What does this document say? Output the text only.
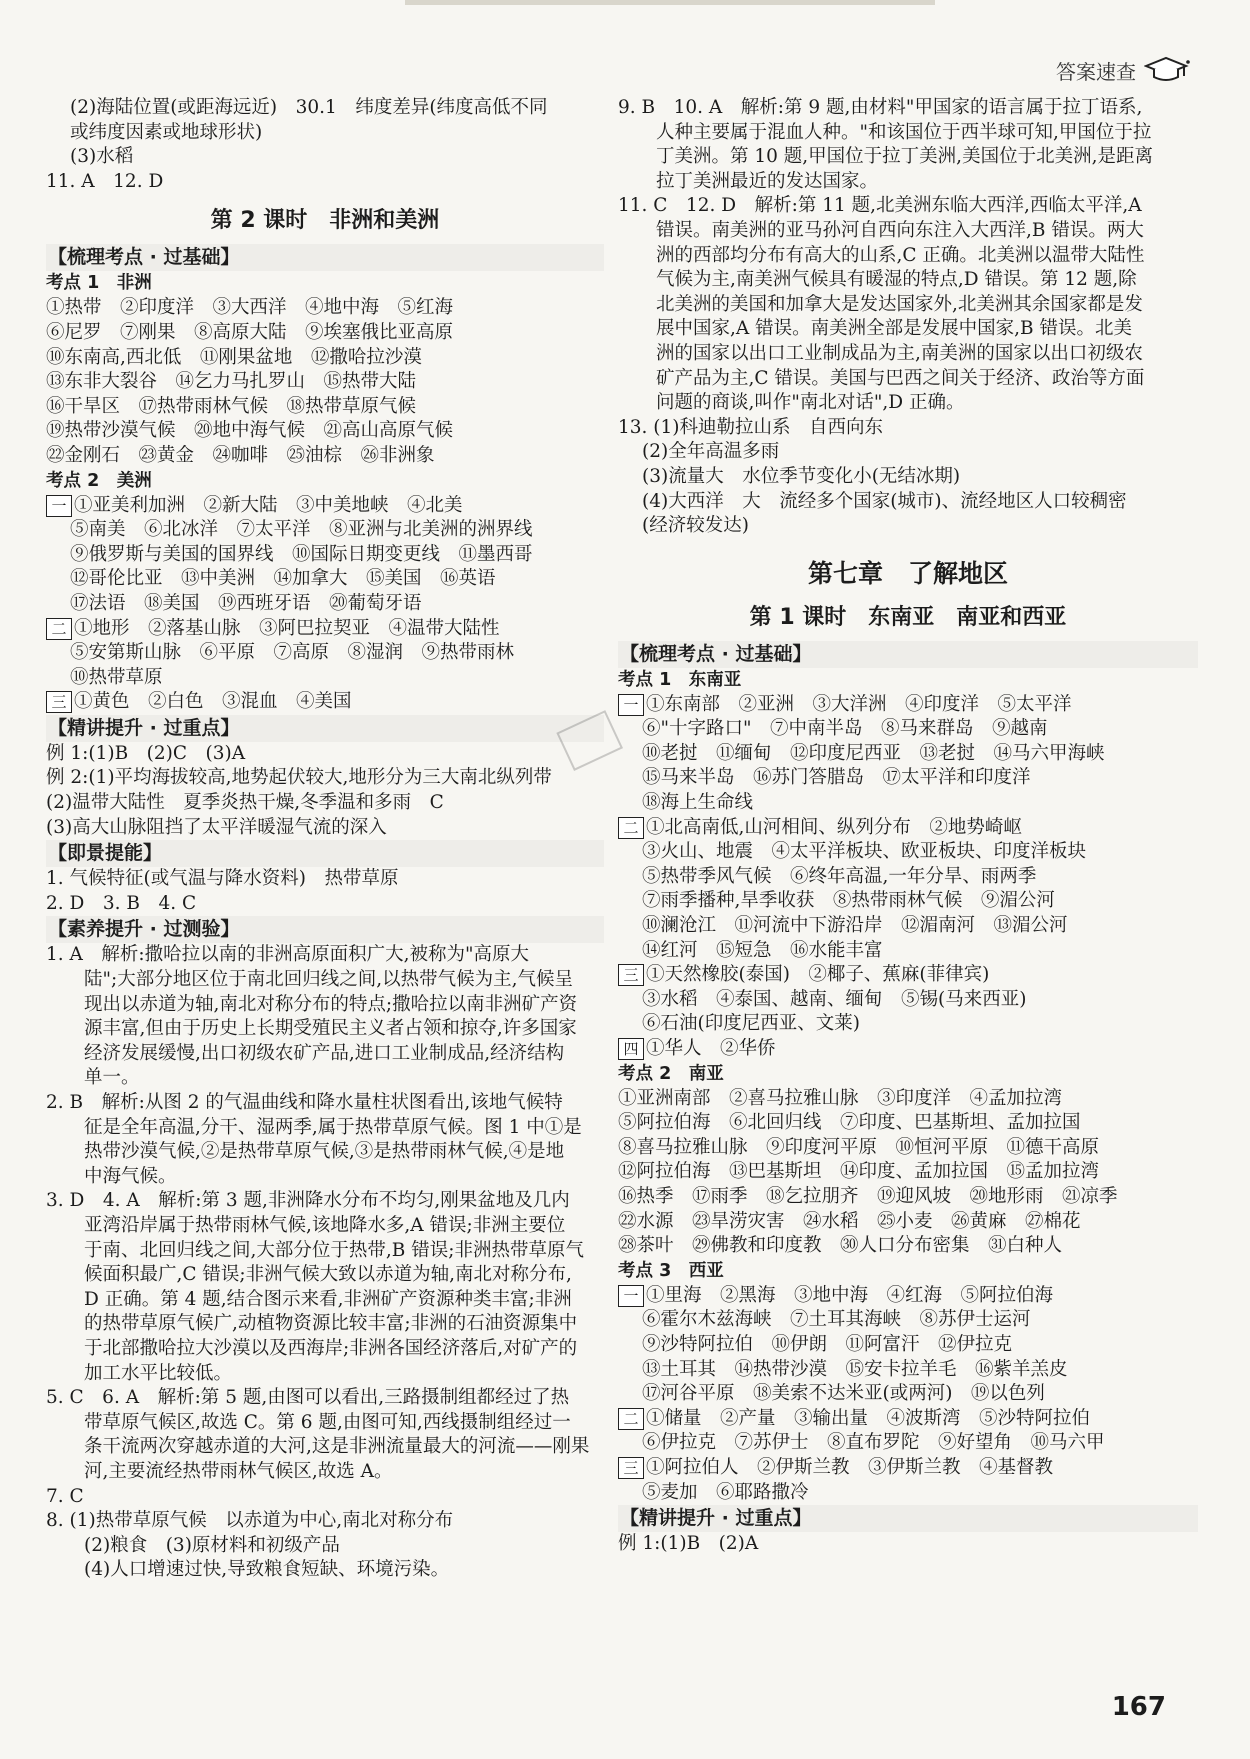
答案速查
(2)海陆位置(或距海远近)　30.1　纬度差异(纬度高低不同
或纬度因素或地球形状)
(3)水稻
11. A　12. D
第 2 课时　非洲和美洲
【梳理考点 · 过基础】
考点 1　非洲
①热带　②印度洋　③大西洋　④地中海　⑤红海
⑥尼罗　⑦刚果　⑧高原大陆　⑨埃塞俄比亚高原
⑩东南高,西北低　⑪刚果盆地　⑫撒哈拉沙漠
⑬东非大裂谷　⑭乞力马扎罗山　⑮热带大陆
⑯干旱区　⑰热带雨林气候　⑱热带草原气候
⑲热带沙漠气候　⑳地中海气候　㉑高山高原气候
㉒金刚石　㉓黄金　㉔咖啡　㉕油棕　㉖非洲象
考点 2　美洲
一 ①亚美利加洲　②新大陆　③中美地峡　④北美
⑤南美　⑥北冰洋　⑦太平洋　⑧亚洲与北美洲的洲界线
⑨俄罗斯与美国的国界线　⑩国际日期变更线　⑪墨西哥
⑫哥伦比亚　⑬中美洲　⑭加拿大　⑮美国　⑯英语
⑰法语　⑱美国　⑲西班牙语　⑳葡萄牙语
二 ①地形　②落基山脉　③阿巴拉契亚　④温带大陆性
⑤安第斯山脉　⑥平原　⑦高原　⑧湿润　⑨热带雨林
⑩热带草原
三 ①黄色　②白色　③混血　④美国
【精讲提升 · 过重点】
例 1:(1)B　(2)C　(3)A
例 2:(1)平均海拔较高,地势起伏较大,地形分为三大南北纵列带
(2)温带大陆性　夏季炎热干燥,冬季温和多雨　C
(3)高大山脉阻挡了太平洋暖湿气流的深入
【即景提能】
1. 气候特征(或气温与降水资料)　热带草原
2. D　3. B　4. C
【素养提升 · 过测验】
1. A　解析:撒哈拉以南的非洲高原面积广大,被称为"高原大
陆";大部分地区位于南北回归线之间,以热带气候为主,气候呈
现出以赤道为轴,南北对称分布的特点;撒哈拉以南非洲矿产资
源丰富,但由于历史上长期受殖民主义者占领和掠夺,许多国家
经济发展缓慢,出口初级农矿产品,进口工业制成品,经济结构
单一。
2. B　解析:从图 2 的气温曲线和降水量柱状图看出,该地气候特
征是全年高温,分干、湿两季,属于热带草原气候。图 1 中①是
热带沙漠气候,②是热带草原气候,③是热带雨林气候,④是地
中海气候。
3. D　4. A　解析:第 3 题,非洲降水分布不均匀,刚果盆地及几内
亚湾沿岸属于热带雨林气候,该地降水多,A 错误;非洲主要位
于南、北回归线之间,大部分位于热带,B 错误;非洲热带草原气
候面积最广,C 错误;非洲气候大致以赤道为轴,南北对称分布,
D 正确。第 4 题,结合图示来看,非洲矿产资源种类丰富;非洲
的热带草原气候广,动植物资源比较丰富;非洲的石油资源集中
于北部撒哈拉大沙漠以及西海岸;非洲各国经济落后,对矿产的
加工水平比较低。
5. C　6. A　解析:第 5 题,由图可以看出,三路摄制组都经过了热
带草原气候区,故选 C。第 6 题,由图可知,西线摄制组经过一
条干流两次穿越赤道的大河,这是非洲流量最大的河流——刚果
河,主要流经热带雨林气候区,故选 A。
7. C
8. (1)热带草原气候　以赤道为中心,南北对称分布
(2)粮食　(3)原材料和初级产品
(4)人口增速过快,导致粮食短缺、环境污染。
9. B　10. A　解析:第 9 题,由材料"甲国家的语言属于拉丁语系,
人种主要属于混血人种。"和该国位于西半球可知,甲国位于拉
丁美洲。第 10 题,甲国位于拉丁美洲,美国位于北美洲,是距离
拉丁美洲最近的发达国家。
11. C　12. D　解析:第 11 题,北美洲东临大西洋,西临太平洋,A
错误。南美洲的亚马孙河自西向东注入大西洋,B 错误。两大
洲的西部均分布有高大的山系,C 正确。北美洲以温带大陆性
气候为主,南美洲气候具有暖湿的特点,D 错误。第 12 题,除
北美洲的美国和加拿大是发达国家外,北美洲其余国家都是发
展中国家,A 错误。南美洲全部是发展中国家,B 错误。北美
洲的国家以出口工业制成品为主,南美洲的国家以出口初级农
矿产品为主,C 错误。美国与巴西之间关于经济、政治等方面
问题的商谈,叫作"南北对话",D 正确。
13. (1)科迪勒拉山系　自西向东
(2)全年高温多雨
(3)流量大　水位季节变化小(无结冰期)
(4)大西洋　大　流经多个国家(城市)、流经地区人口较稠密
(经济较发达)
第七章　了解地区
第 1 课时　东南亚　南亚和西亚
【梳理考点 · 过基础】
考点 1　东南亚
一 ①东南部　②亚洲　③大洋洲　④印度洋　⑤太平洋
⑥"十字路口"　⑦中南半岛　⑧马来群岛　⑨越南
⑩老挝　⑪缅甸　⑫印度尼西亚　⑬老挝　⑭马六甲海峡
⑮马来半岛　⑯苏门答腊岛　⑰太平洋和印度洋
⑱海上生命线
二 ①北高南低,山河相间、纵列分布　②地势崎岖
③火山、地震　④太平洋板块、欧亚板块、印度洋板块
⑤热带季风气候　⑥终年高温,一年分旱、雨两季
⑦雨季播种,旱季收获　⑧热带雨林气候　⑨湄公河
⑩澜沧江　⑪河流中下游沿岸　⑫湄南河　⑬湄公河
⑭红河　⑮短急　⑯水能丰富
三 ①天然橡胶(泰国)　②椰子、蕉麻(菲律宾)
③水稻　④泰国、越南、缅甸　⑤锡(马来西亚)
⑥石油(印度尼西亚、文莱)
四 ①华人　②华侨
考点 2　南亚
①亚洲南部　②喜马拉雅山脉　③印度洋　④孟加拉湾
⑤阿拉伯海　⑥北回归线　⑦印度、巴基斯坦、孟加拉国
⑧喜马拉雅山脉　⑨印度河平原　⑩恒河平原　⑪德干高原
⑫阿拉伯海　⑬巴基斯坦　⑭印度、孟加拉国　⑮孟加拉湾
⑯热季　⑰雨季　⑱乞拉朋齐　⑲迎风坡　⑳地形雨　㉑凉季
㉒水源　㉓旱涝灾害　㉔水稻　㉕小麦　㉖黄麻　㉗棉花
㉘茶叶　㉙佛教和印度教　㉚人口分布密集　㉛白种人
考点 3　西亚
一 ①里海　②黑海　③地中海　④红海　⑤阿拉伯海
⑥霍尔木兹海峡　⑦土耳其海峡　⑧苏伊士运河
⑨沙特阿拉伯　⑩伊朗　⑪阿富汗　⑫伊拉克
⑬土耳其　⑭热带沙漠　⑮安卡拉羊毛　⑯紫羊羔皮
⑰河谷平原　⑱美索不达米亚(或两河)　⑲以色列
二 ①储量　②产量　③输出量　④波斯湾　⑤沙特阿拉伯
⑥伊拉克　⑦苏伊士　⑧直布罗陀　⑨好望角　⑩马六甲
三 ①阿拉伯人　②伊斯兰教　③伊斯兰教　④基督教
⑤麦加　⑥耶路撒冷
【精讲提升 · 过重点】
例 1:(1)B　(2)A
167
